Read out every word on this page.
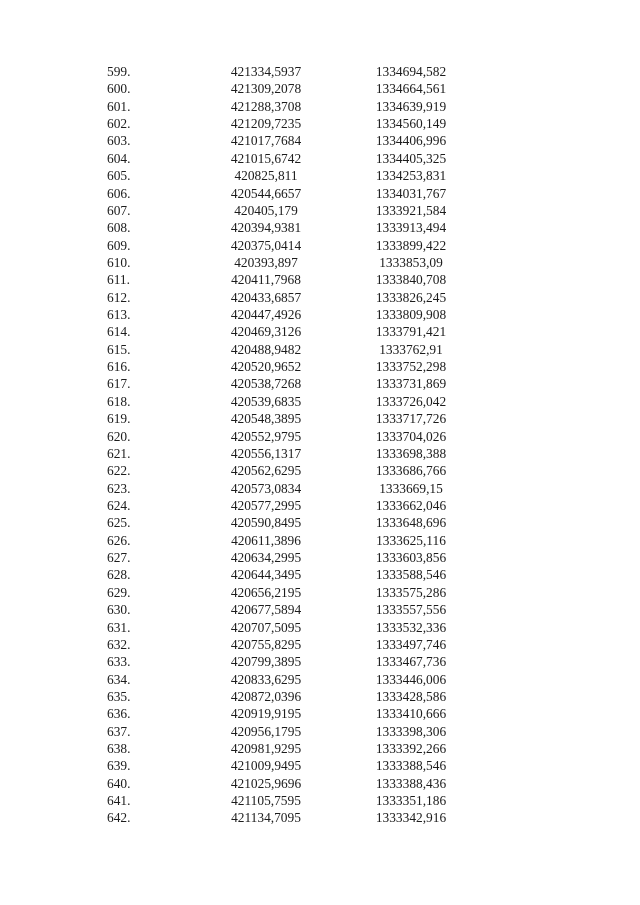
599.	421334,5937	1334694,582
600.	421309,2078	1334664,561
601.	421288,3708	1334639,919
602.	421209,7235	1334560,149
603.	421017,7684	1334406,996
604.	421015,6742	1334405,325
605.	420825,811	1334253,831
606.	420544,6657	1334031,767
607.	420405,179	1333921,584
608.	420394,9381	1333913,494
609.	420375,0414	1333899,422
610.	420393,897	1333853,09
611.	420411,7968	1333840,708
612.	420433,6857	1333826,245
613.	420447,4926	1333809,908
614.	420469,3126	1333791,421
615.	420488,9482	1333762,91
616.	420520,9652	1333752,298
617.	420538,7268	1333731,869
618.	420539,6835	1333726,042
619.	420548,3895	1333717,726
620.	420552,9795	1333704,026
621.	420556,1317	1333698,388
622.	420562,6295	1333686,766
623.	420573,0834	1333669,15
624.	420577,2995	1333662,046
625.	420590,8495	1333648,696
626.	420611,3896	1333625,116
627.	420634,2995	1333603,856
628.	420644,3495	1333588,546
629.	420656,2195	1333575,286
630.	420677,5894	1333557,556
631.	420707,5095	1333532,336
632.	420755,8295	1333497,746
633.	420799,3895	1333467,736
634.	420833,6295	1333446,006
635.	420872,0396	1333428,586
636.	420919,9195	1333410,666
637.	420956,1795	1333398,306
638.	420981,9295	1333392,266
639.	421009,9495	1333388,546
640.	421025,9696	1333388,436
641.	421105,7595	1333351,186
642.	421134,7095	1333342,916
